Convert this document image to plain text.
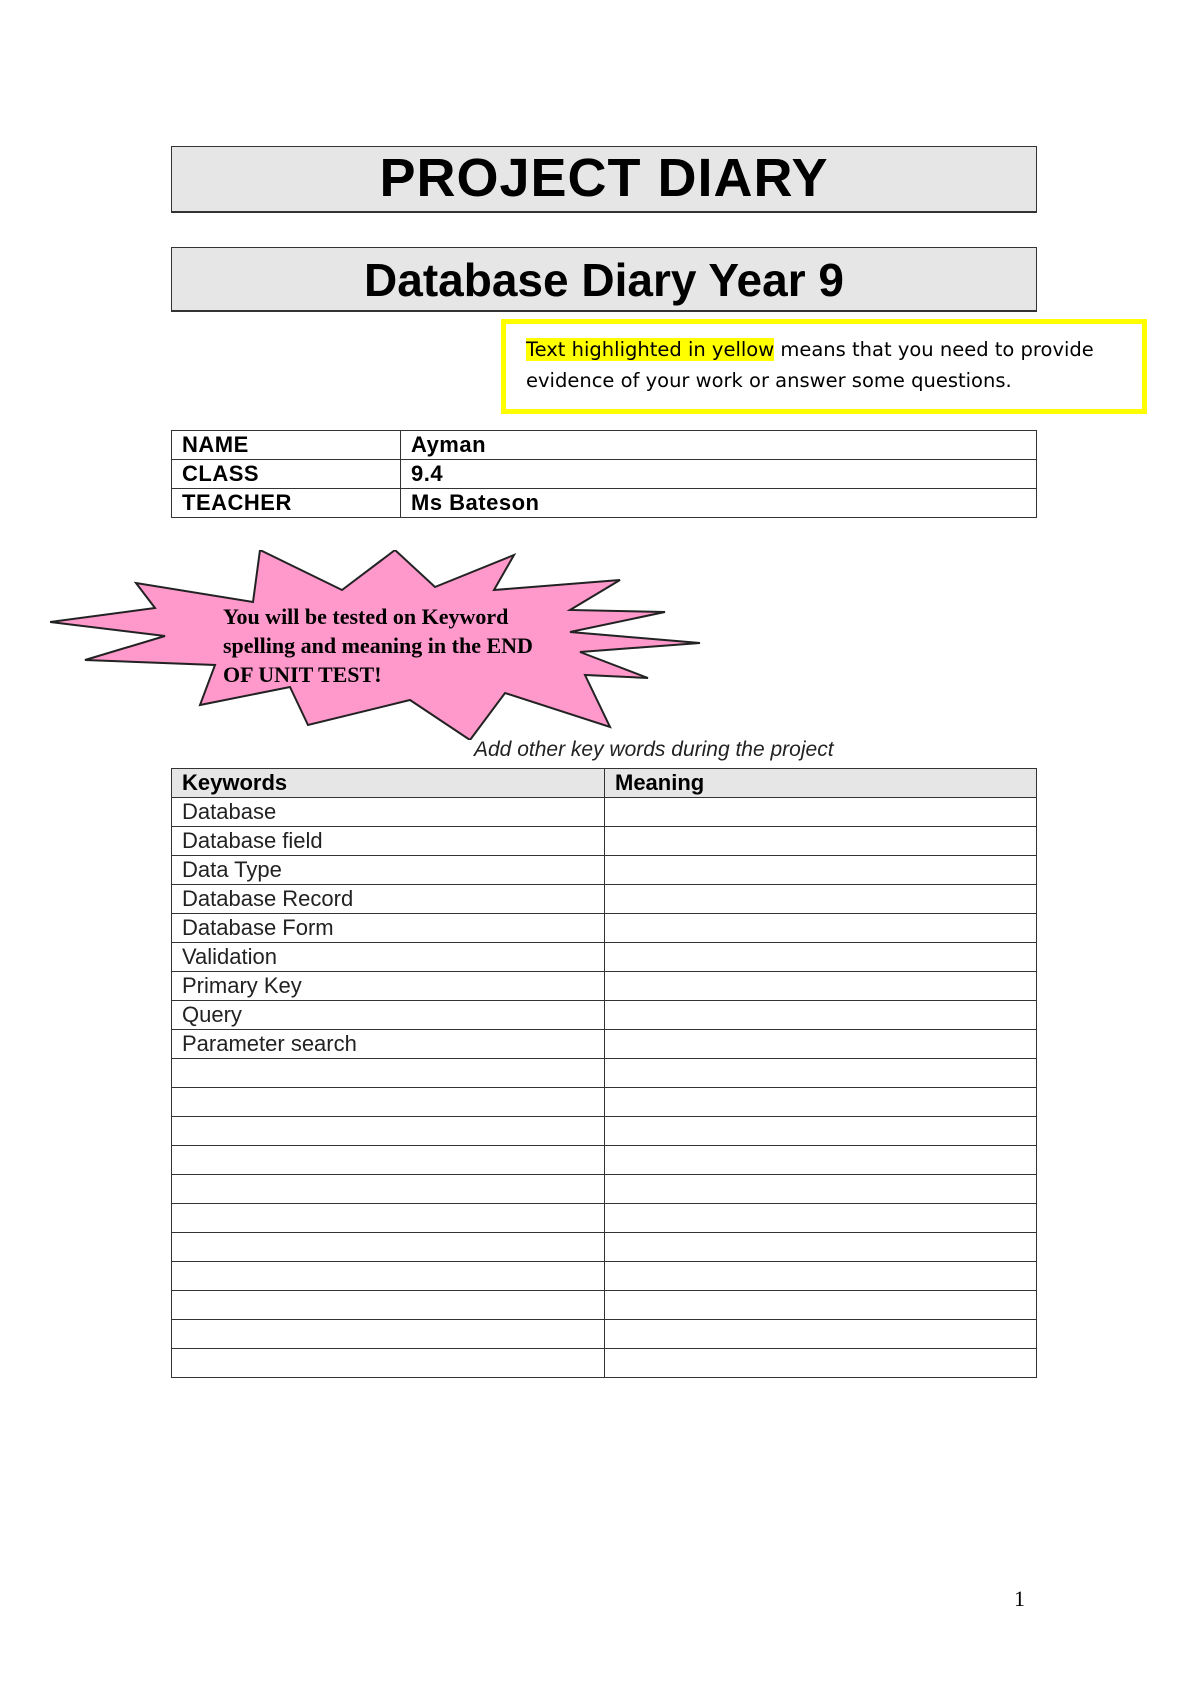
PROJECT DIARY
Database Diary Year 9
Text highlighted in yellow means that you need to provide evidence of your work or answer some questions.
NAME	Ayman
CLASS	9.4
TEACHER	Ms Bateson
You will be tested on Keyword spelling and meaning in the END OF UNIT TEST!
Add other key words during the project
Keywords	Meaning
Database	
Database field	
Data Type	
Database Record	
Database Form	
Validation	
Primary Key	
Query	
Parameter search	

1
